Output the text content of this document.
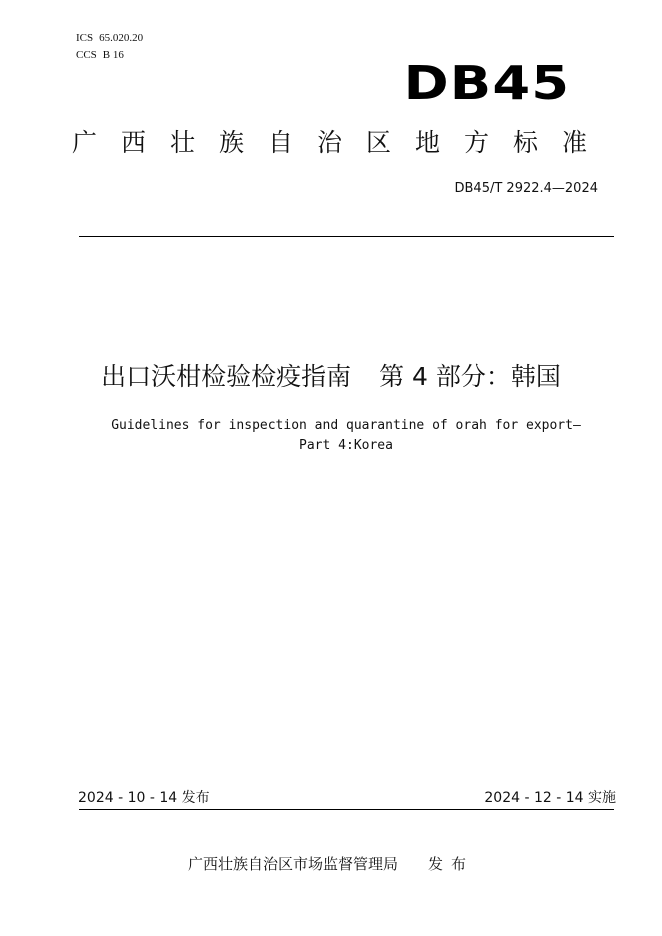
ICS 65.020.20
CCS B 16
DB45
广西壮族自治区地方标准
DB45/T 2922.4—2024
出口沃柑检验检疫指南 第 4 部分：韩国
Guidelines for inspection and quarantine of orah for export—
Part 4:Korea
2024 - 10 - 14 发布	2024 - 12 - 14 实施
广西壮族自治区市场监督管理局 发布
